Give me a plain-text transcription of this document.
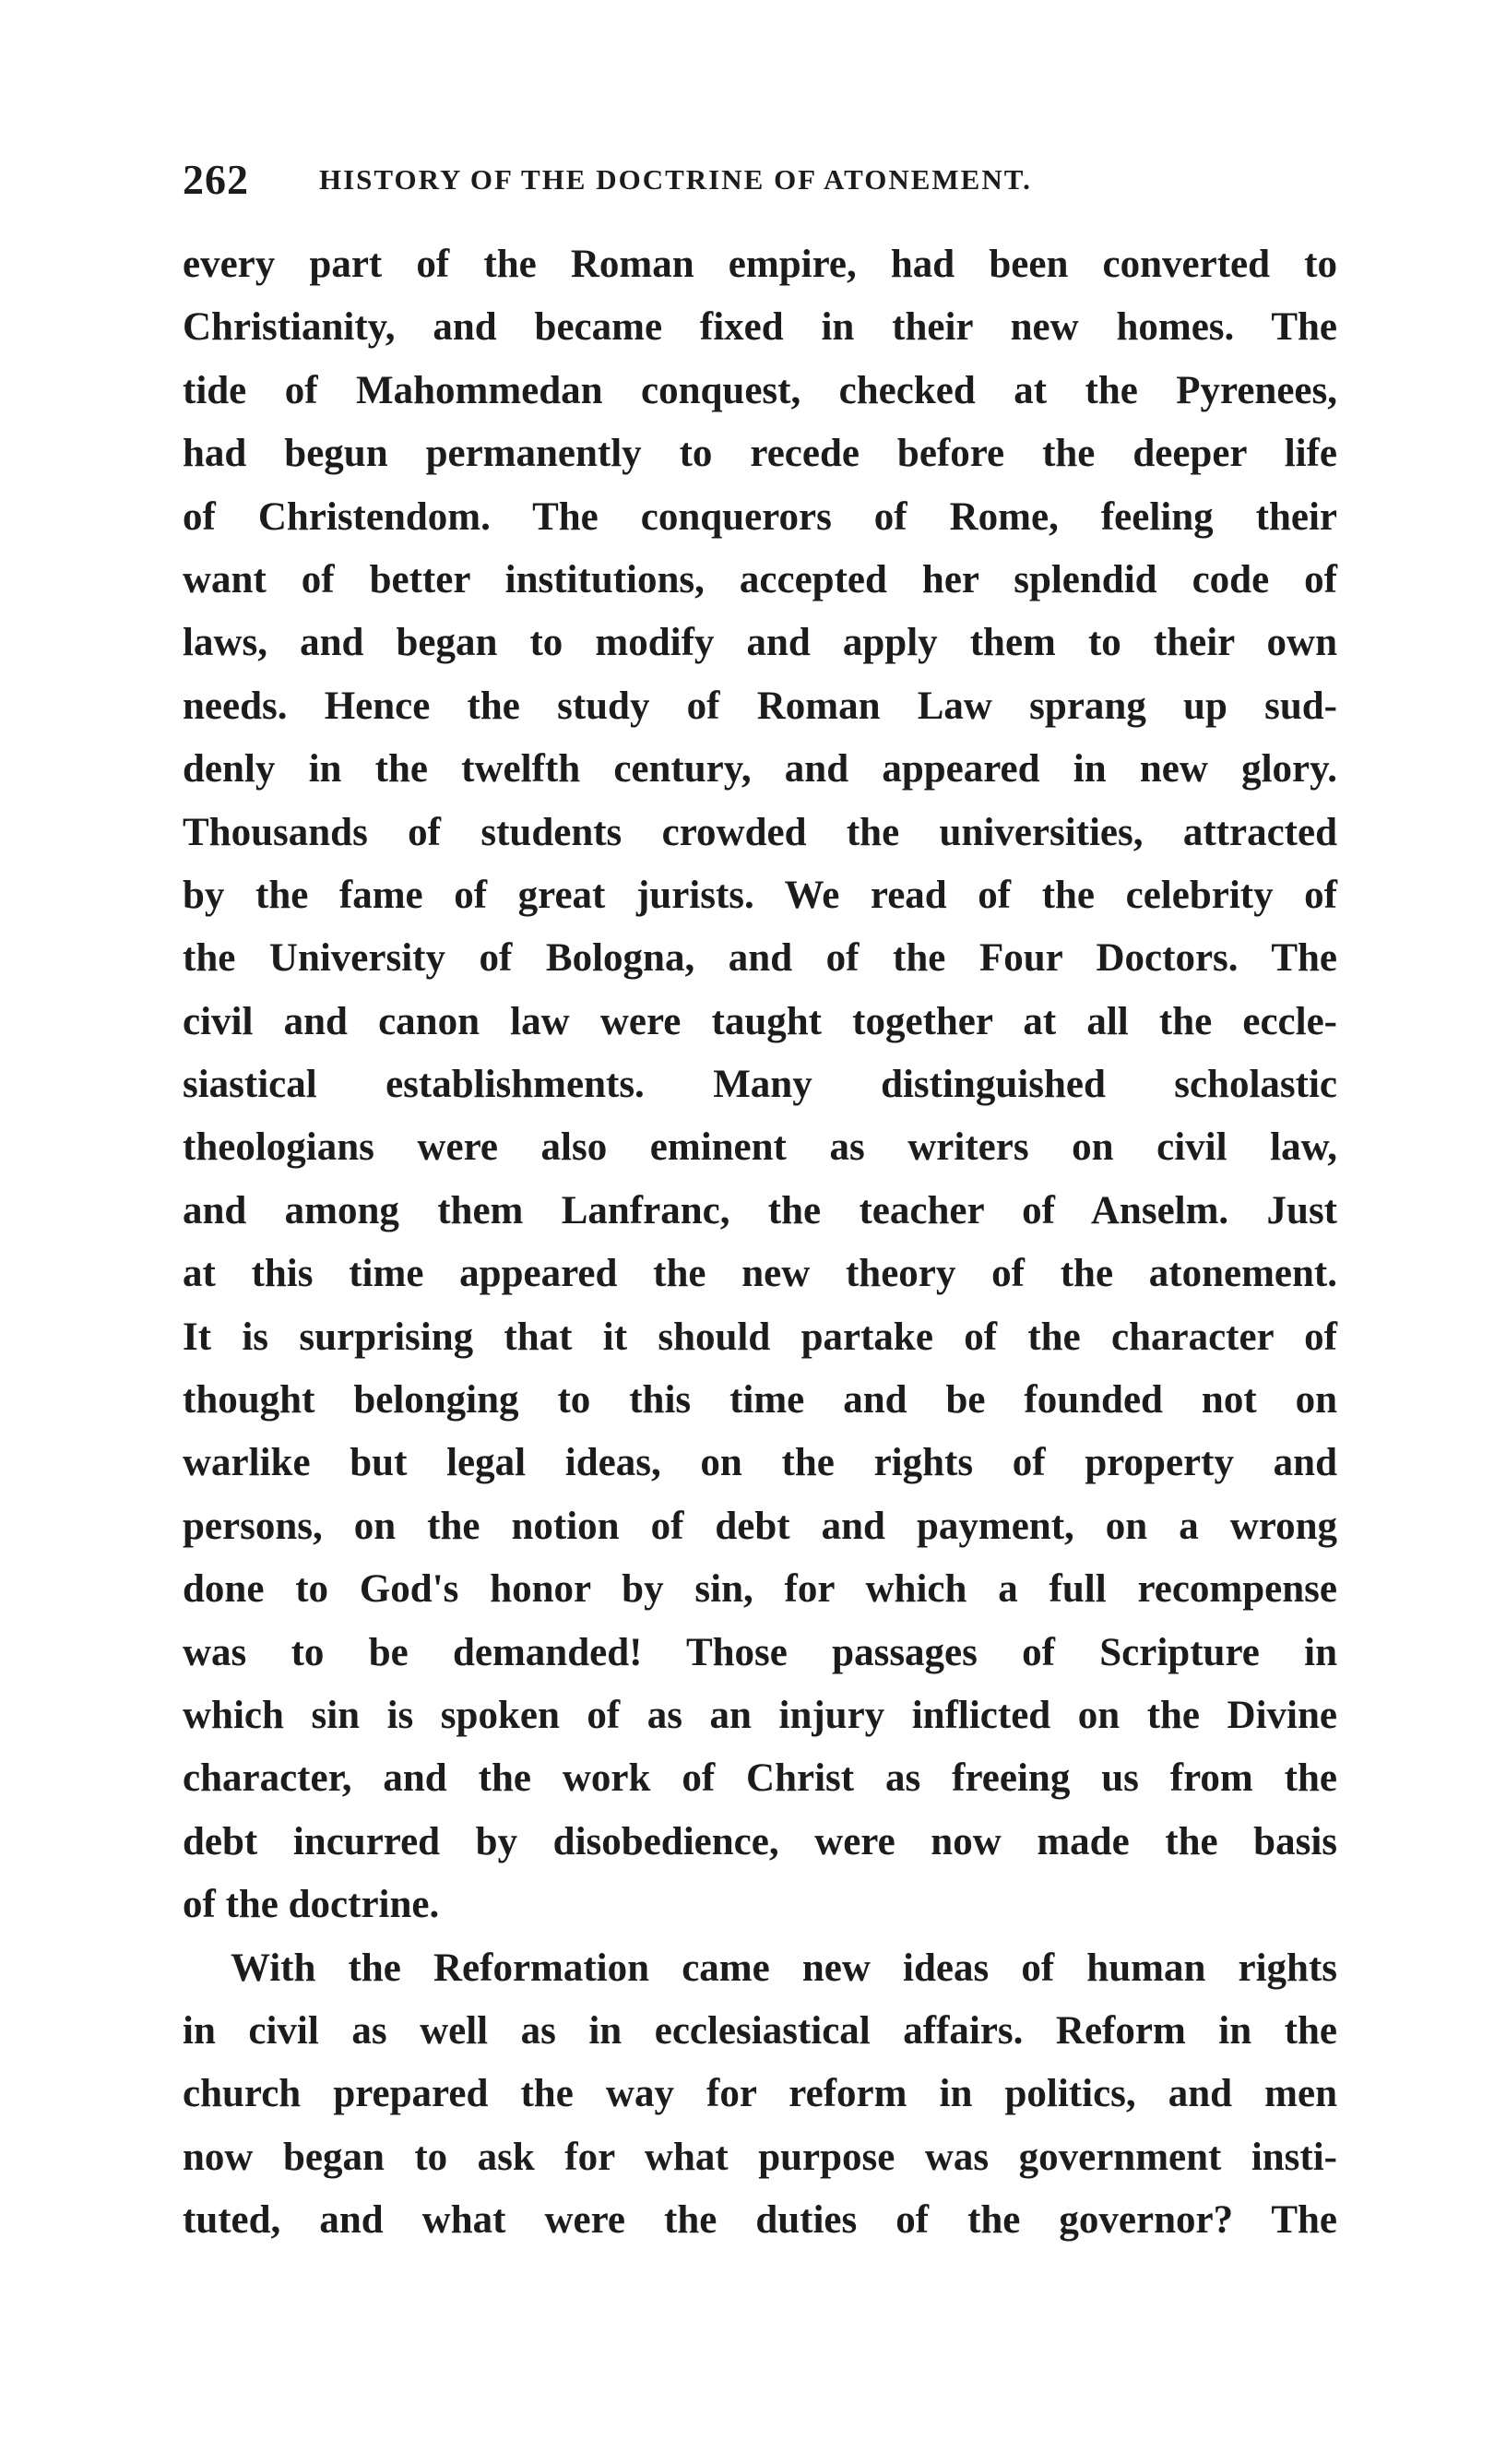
262 HISTORY OF THE DOCTRINE OF ATONEMENT.
every part of the Roman empire, had been converted to
Christianity, and became fixed in their new homes. The
tide of Mahommedan conquest, checked at the Pyrenees,
had begun permanently to recede before the deeper life
of Christendom. The conquerors of Rome, feeling their
want of better institutions, accepted her splendid code of
laws, and began to modify and apply them to their own
needs. Hence the study of Roman Law sprang up sud-
denly in the twelfth century, and appeared in new glory.
Thousands of students crowded the universities, attracted
by the fame of great jurists. We read of the celebrity of
the University of Bologna, and of the Four Doctors. The
civil and canon law were taught together at all the eccle-
siastical establishments. Many distinguished scholastic
theologians were also eminent as writers on civil law,
and among them Lanfranc, the teacher of Anselm. Just
at this time appeared the new theory of the atonement.
It is surprising that it should partake of the character of
thought belonging to this time and be founded not on
warlike but legal ideas, on the rights of property and
persons, on the notion of debt and payment, on a wrong
done to God's honor by sin, for which a full recompense
was to be demanded! Those passages of Scripture in
which sin is spoken of as an injury inflicted on the Divine
character, and the work of Christ as freeing us from the
debt incurred by disobedience, were now made the basis
of the doctrine.
With the Reformation came new ideas of human rights
in civil as well as in ecclesiastical affairs. Reform in the
church prepared the way for reform in politics, and men
now began to ask for what purpose was government insti-
tuted, and what were the duties of the governor? The
